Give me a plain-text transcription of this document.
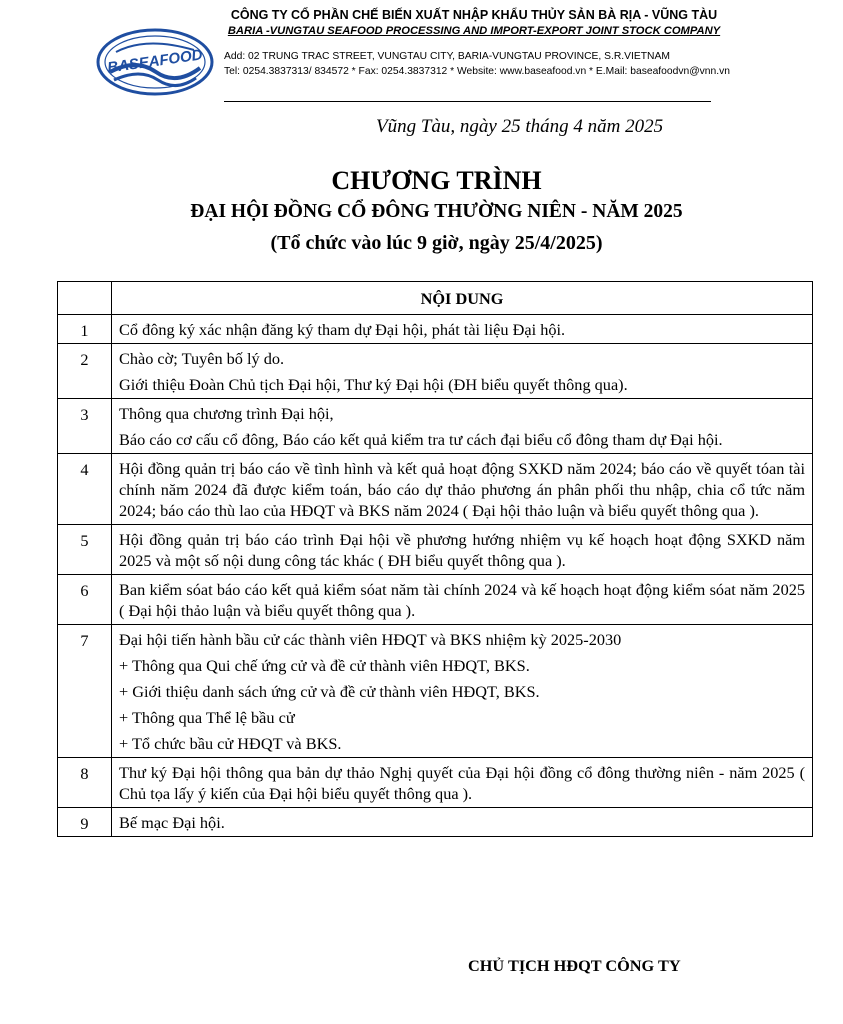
BASEAFOOD
CÔNG TY CỔ PHẦN CHẾ BIẾN XUẤT NHẬP KHẨU THỦY SẢN BÀ RỊA - VŨNG TÀU
BARIA -VUNGTAU SEAFOOD PROCESSING AND IMPORT-EXPORT JOINT STOCK COMPANY
Add: 02 TRUNG TRAC STREET, VUNGTAU CITY, BARIA-VUNGTAU PROVINCE, S.R.VIETNAM
Tel: 0254.3837313/ 834572 * Fax: 0254.3837312 * Website: www.baseafood.vn * E.Mail: baseafoodvn@vnn.vn
Vũng Tàu, ngày 25 tháng 4 năm 2025
CHƯƠNG TRÌNH
ĐẠI HỘI ĐỒNG CỔ ĐÔNG THƯỜNG NIÊN - NĂM 2025
(Tổ chức vào lúc 9 giờ, ngày 25/4/2025)
	NỘI DUNG
1	Cổ đông ký xác nhận đăng ký tham dự Đại hội, phát tài liệu Đại hội.

2	Chào cờ; Tuyên bố lý do.

Giới thiệu Đoàn Chủ tịch Đại hội, Thư ký Đại hội (ĐH biểu quyết thông qua).

3	Thông qua chương trình Đại hội,

Báo cáo cơ cấu cổ đông, Báo cáo kết quả kiểm tra tư cách đại biểu cổ đông tham dự Đại hội.

4	Hội đồng quản trị báo cáo về tình hình và kết quả hoạt động SXKD năm 2024; báo cáo về quyết tóan tài chính năm 2024 đã được kiểm toán, báo cáo dự thảo phương án phân phối thu nhập, chia cổ tức năm 2024; báo cáo thù lao của HĐQT và BKS năm 2024 ( Đại hội thảo luận và biểu quyết thông qua ).

5	Hội đồng quản trị báo cáo trình Đại hội về phương hướng nhiệm vụ kế hoạch hoạt động SXKD năm 2025 và một số nội dung công tác khác ( ĐH biểu quyết thông qua ).

6	Ban kiểm sóat báo cáo kết quả kiểm sóat năm tài chính 2024 và kế hoạch hoạt động kiểm sóat năm 2025 ( Đại hội thảo luận và biểu quyết thông qua ).

7	Đại hội tiến hành bầu cử các thành viên HĐQT và BKS nhiệm kỳ 2025-2030

+ Thông qua Qui chế ứng cử và đề cử thành viên HĐQT, BKS.

+ Giới thiệu danh sách ứng cử và đề cử thành viên HĐQT, BKS.

+ Thông qua Thể lệ bầu cử

+ Tổ chức bầu cử HĐQT và BKS.

8	Thư ký Đại hội thông qua bản dự thảo Nghị quyết của Đại hội đồng cổ đông thường niên - năm 2025 ( Chủ tọa lấy ý kiến của Đại hội biểu quyết thông qua ).

9	Bế mạc Đại hội.

CHỦ TỊCH HĐQT CÔNG TY
